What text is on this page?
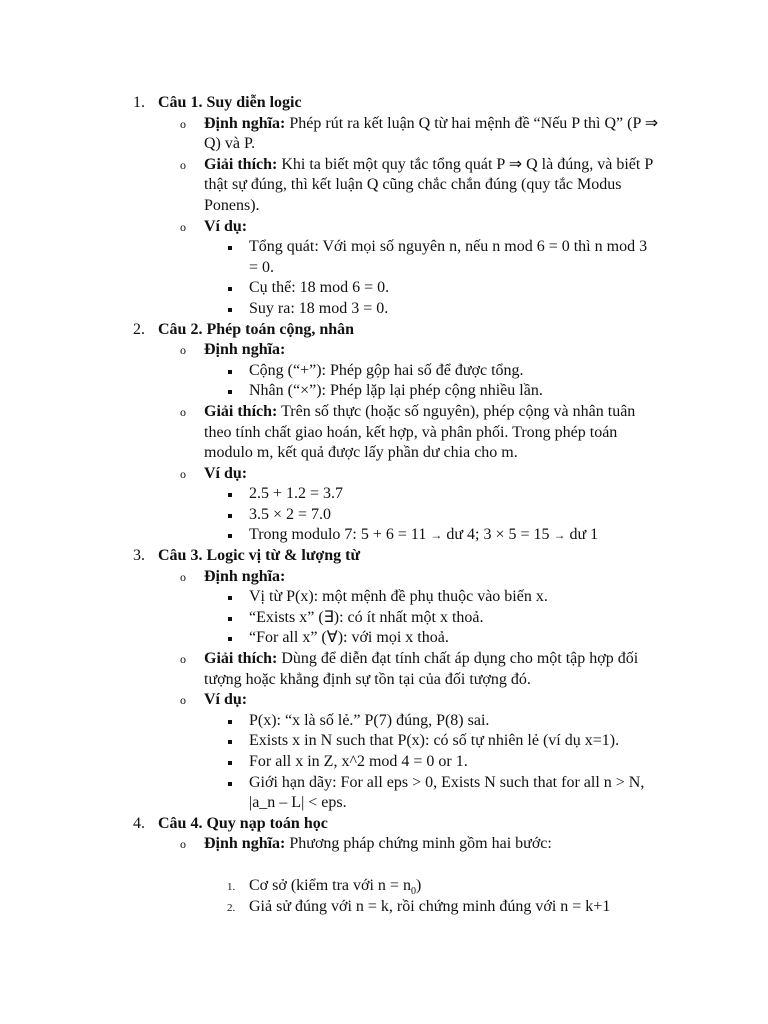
1. Câu 1. Suy diễn logic
o Định nghĩa: Phép rút ra kết luận Q từ hai mệnh đề “Nếu P thì Q” (P ⇒ Q) và P.
o Giải thích: Khi ta biết một quy tắc tổng quát P ⇒ Q là đúng, và biết P thật sự đúng, thì kết luận Q cũng chắc chắn đúng (quy tắc Modus Ponens).
o Ví dụ:
Tổng quát: Với mọi số nguyên n, nếu n mod 6 = 0 thì n mod 3 = 0.
Cụ thể: 18 mod 6 = 0.
Suy ra: 18 mod 3 = 0.
2. Câu 2. Phép toán cộng, nhân
o Định nghĩa:
Cộng (“+”): Phép gộp hai số để được tổng.
Nhân (“×”): Phép lặp lại phép cộng nhiều lần.
o Giải thích: Trên số thực (hoặc số nguyên), phép cộng và nhân tuân theo tính chất giao hoán, kết hợp, và phân phối. Trong phép toán modulo m, kết quả được lấy phần dư chia cho m.
o Ví dụ:
2.5 + 1.2 = 3.7
3.5 × 2 = 7.0
Trong modulo 7: 5 + 6 = 11 → dư 4; 3 × 5 = 15 → dư 1
3. Câu 3. Logic vị từ & lượng từ
o Định nghĩa:
Vị từ P(x): một mệnh đề phụ thuộc vào biến x.
“Exists x” (∃): có ít nhất một x thoả.
“For all x” (∀): với mọi x thoả.
o Giải thích: Dùng để diễn đạt tính chất áp dụng cho một tập hợp đối tượng hoặc khẳng định sự tồn tại của đối tượng đó.
o Ví dụ:
P(x): “x là số lẻ.” P(7) đúng, P(8) sai.
Exists x in N such that P(x): có số tự nhiên lẻ (ví dụ x=1).
For all x in Z, x^2 mod 4 = 0 or 1.
Giới hạn dãy: For all eps > 0, Exists N such that for all n > N, |a_n – L| < eps.
4. Câu 4. Quy nạp toán học
o Định nghĩa: Phương pháp chứng minh gồm hai bước:
1. Cơ sở (kiểm tra với $n = n_0$)
2. Giả sử đúng với n = k, rồi chứng minh đúng với n = k+1
